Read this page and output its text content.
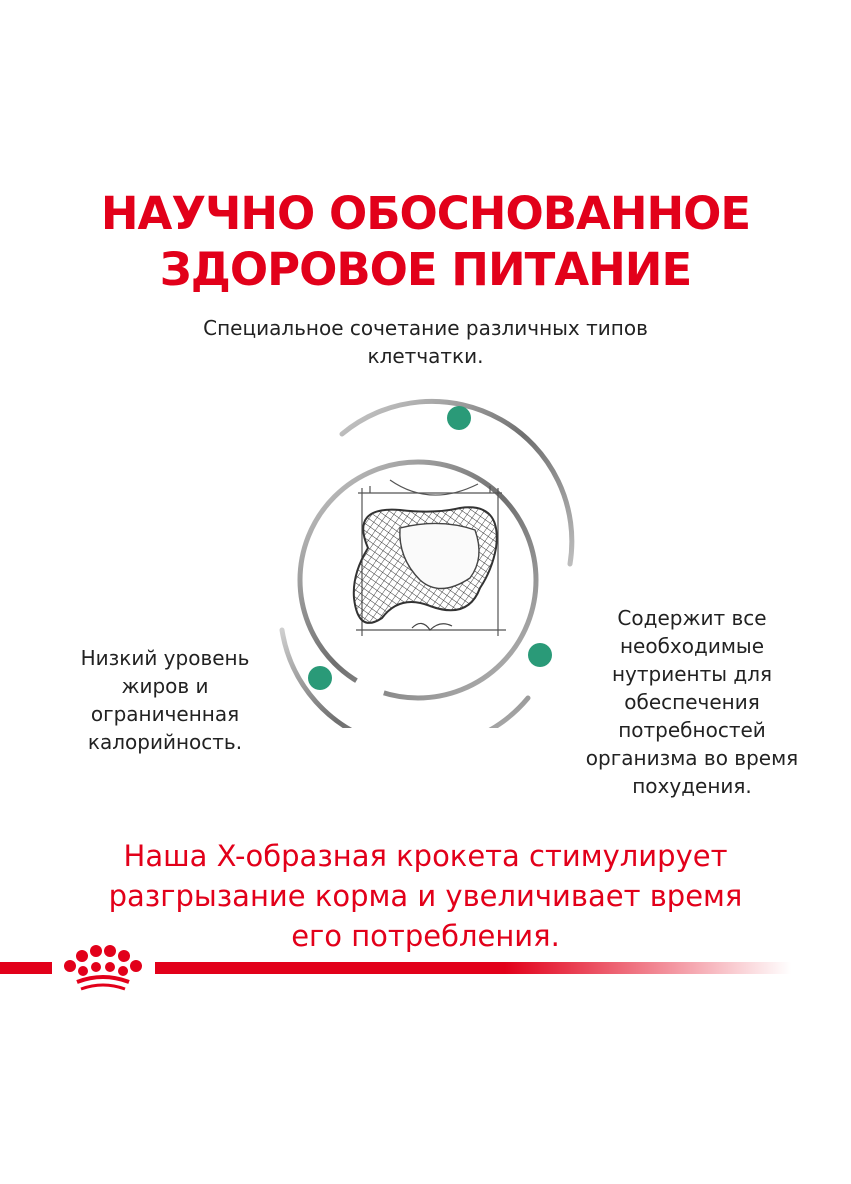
НАУЧНО ОБОСНОВАННОЕ
ЗДОРОВОЕ ПИТАНИЕ

Специальное сочетание различных типов
клетчатки.

Низкий уровень
жиров и
ограниченная
калорийность.

Содержит все
необходимые
нутриенты для
обеспечения
потребностей
организма во время
похудения.

Наша X-образная крокета стимулирует
разгрызание корма и увеличивает время
его потребления.
